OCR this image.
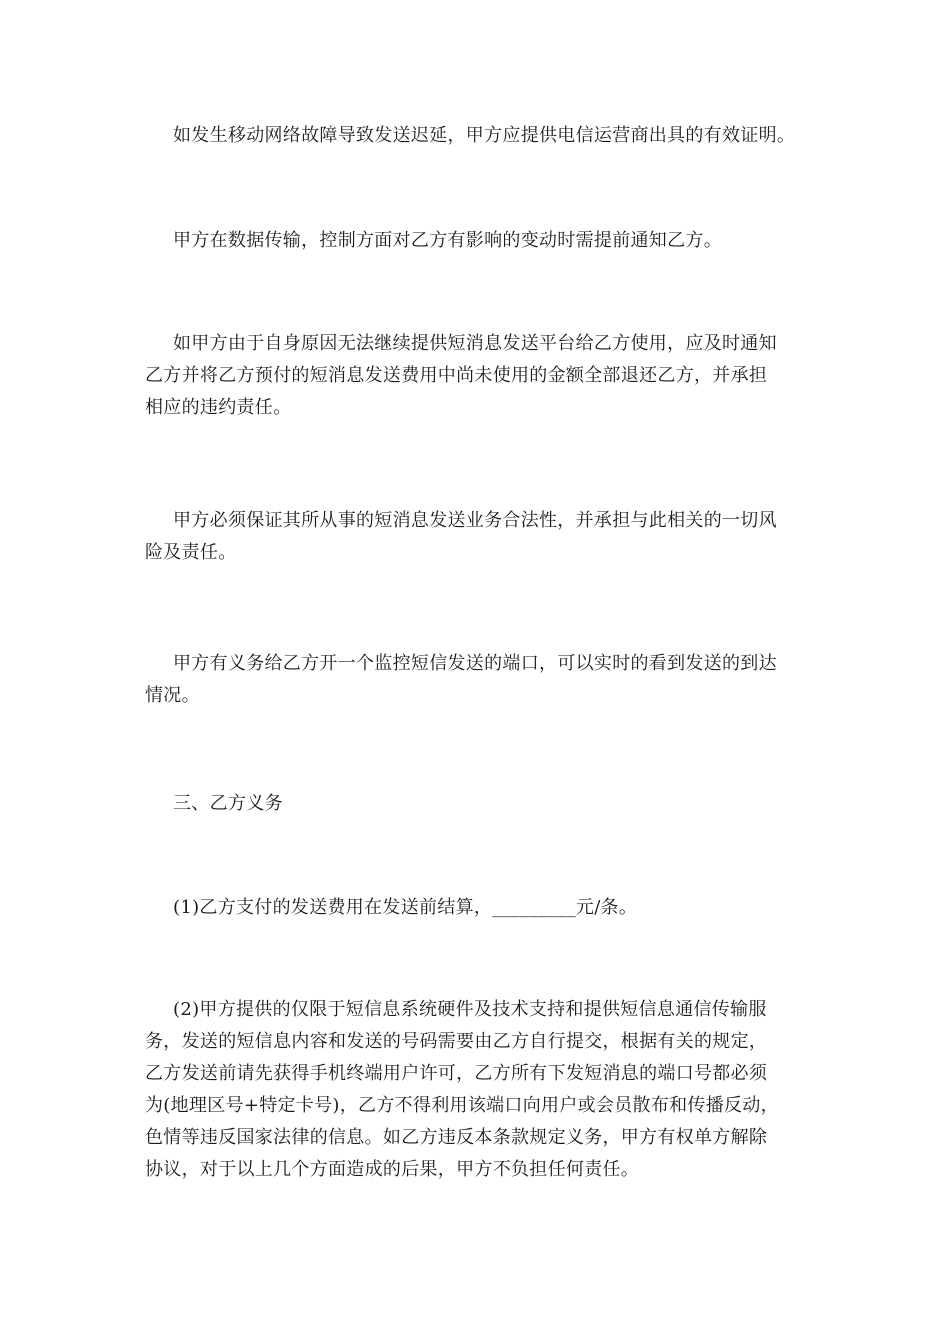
如发生移动网络故障导致发送迟延，甲方应提供电信运营商出具的有效证明。

甲方在数据传输，控制方面对乙方有影响的变动时需提前通知乙方。

如甲方由于自身原因无法继续提供短消息发送平台给乙方使用，应及时通知
乙方并将乙方预付的短消息发送费用中尚未使用的金额全部退还乙方，并承担
相应的违约责任。

甲方必须保证其所从事的短消息发送业务合法性，并承担与此相关的一切风
险及责任。

甲方有义务给乙方开一个监控短信发送的端口，可以实时的看到发送的到达
情况。

三、乙方义务

(1)乙方支付的发送费用在发送前结算，_________元/条。

(2)甲方提供的仅限于短信息系统硬件及技术支持和提供短信息通信传输服
务，发送的短信息内容和发送的号码需要由乙方自行提交，根据有关的规定，
乙方发送前请先获得手机终端用户许可，乙方所有下发短消息的端口号都必须
为(地理区号+特定卡号)，乙方不得利用该端口向用户或会员散布和传播反动，
色情等违反国家法律的信息。如乙方违反本条款规定义务，甲方有权单方解除
协议，对于以上几个方面造成的后果，甲方不负担任何责任。
